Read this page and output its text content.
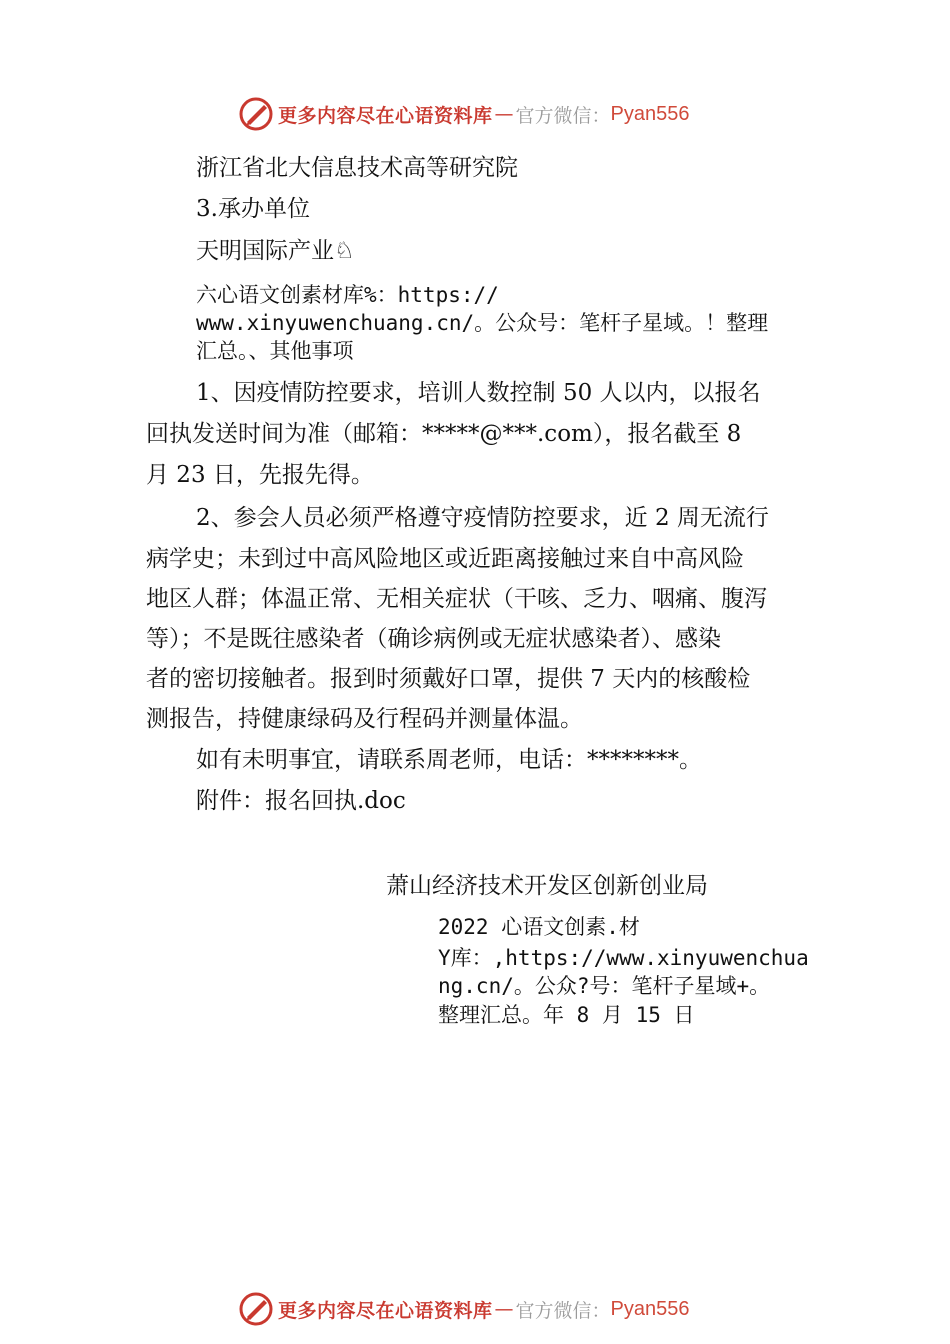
更多内容尽在心语资料库 — 官方微信： Pyan556
浙江省北大信息技术高等研究院
3.承办单位
天明国际产业♘
六心语文创素材库%：https://
www.xinyuwenchuang.cn/。公众号：笔杆子星域。！整理
汇总。、其他事项
1、因疫情防控要求，培训人数控制 50 人以内，以报名
回执发送时间为准（邮箱：*****@***.com），报名截至 8
月 23 日，先报先得。
2、参会人员必须严格遵守疫情防控要求，近 2 周无流行
病学史；未到过中高风险地区或近距离接触过来自中高风险
地区人群；体温正常、无相关症状（干咳、乏力、咽痛、腹泻
等）；不是既往感染者（确诊病例或无症状感染者）、感染
者的密切接触者。报到时须戴好口罩，提供 7 天内的核酸检
测报告，持健康绿码及行程码并测量体温。
如有未明事宜，请联系周老师，电话：********。
附件：报名回执.doc
萧山经济技术开发区创新创业局
2022 心语文创素.材
Y库：,https://www.xinyuwenchua
ng.cn/。公众?号：笔杆子星域+。
整理汇总。年 8 月 15 日
更多内容尽在心语资料库 — 官方微信： Pyan556
